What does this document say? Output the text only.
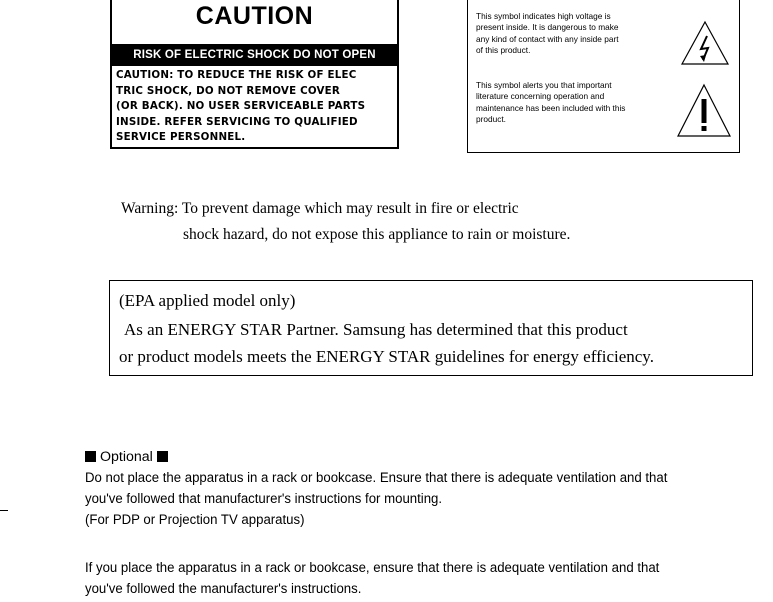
CAUTION
RISK OF ELECTRIC SHOCK DO NOT OPEN
CAUTION: TO REDUCE THE RISK OF ELEC
TRIC SHOCK, DO NOT REMOVE COVER
(OR BACK). NO USER SERVICEABLE PARTS
INSIDE. REFER SERVICING TO QUALIFIED
SERVICE PERSONNEL.
This symbol indicates high voltage is
present inside. It is dangerous to make
any kind of contact with any inside part
of this product.
This symbol alerts you that important
literature concerning operation and
maintenance has been included with this
product.
Warning: To prevent damage which may result in fire or electric
shock hazard, do not expose this appliance to rain or moisture.
(EPA applied model only)
As an ENERGY STAR Partner. Samsung has determined that this product
or product models meets the ENERGY STAR guidelines for energy efficiency.
Optional
Do not place the apparatus in a rack or bookcase. Ensure that there is adequate ventilation and that
you've followed that manufacturer's instructions for mounting.
(For PDP or Projection TV apparatus)
If you place the apparatus in a rack or bookcase, ensure that there is adequate ventilation and that
you've followed the manufacturer's instructions.
